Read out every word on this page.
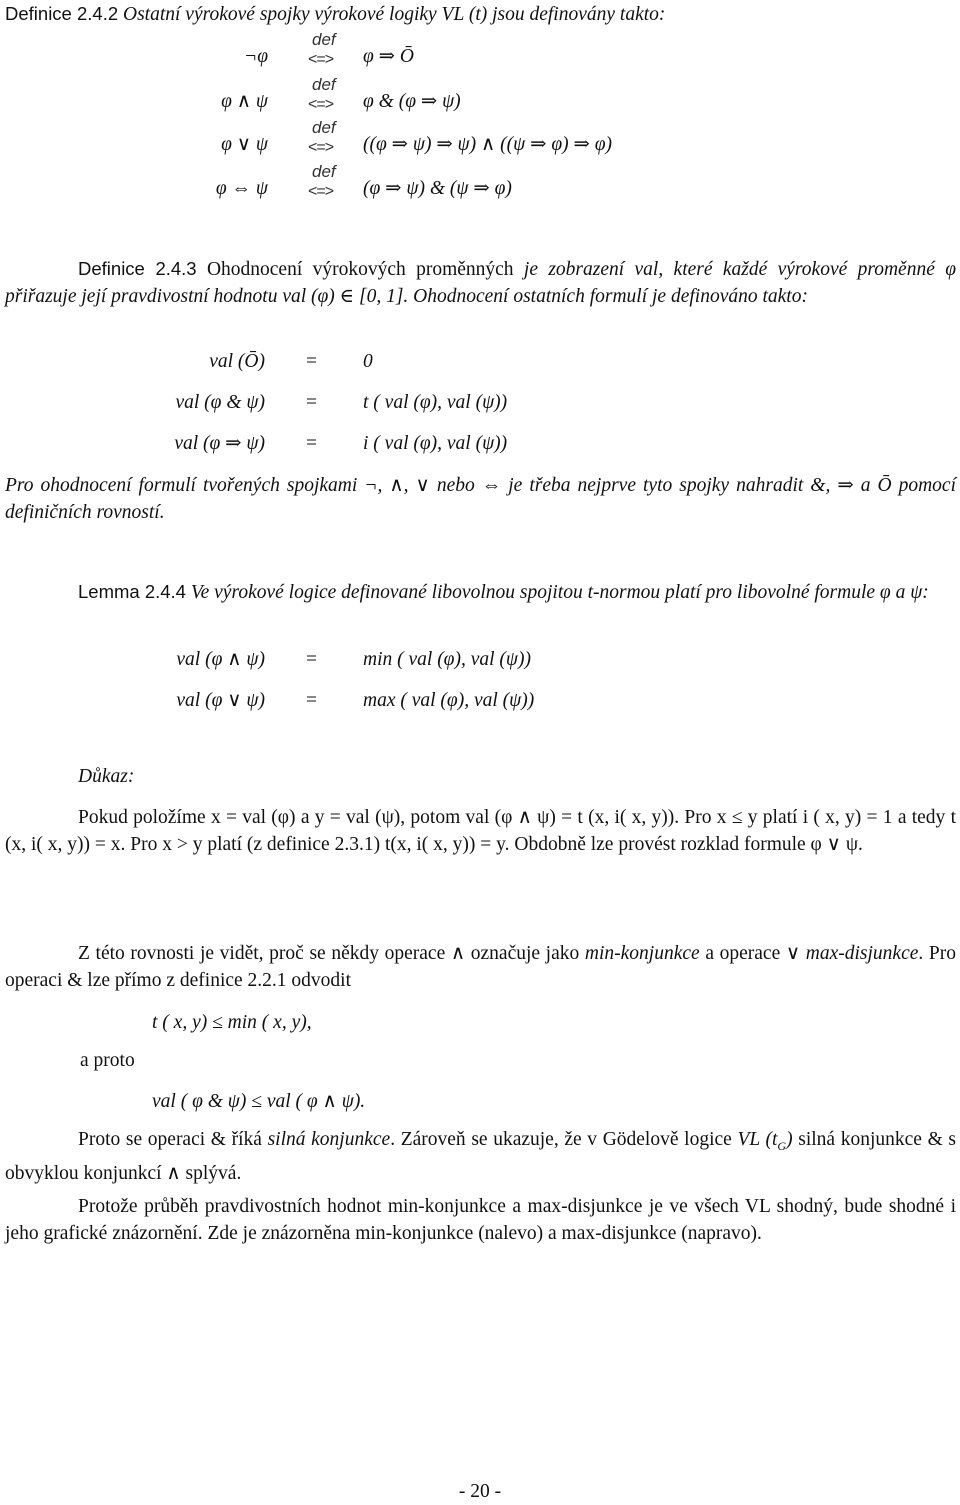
Definice 2.4.2 Ostatní výrokové spojky výrokové logiky VL (t) jsou definovány takto:
¬φ
def
<=> φ ⇒ Ō
φ ∧ ψ
def
<=> φ & (φ ⇒ ψ)
φ ∨ ψ
def
<=> ((φ ⇒ ψ) ⇒ ψ) ∧ ((ψ ⇒ φ) ⇒ φ)
φ ⇔ ψ
def
<=> (φ ⇒ ψ) & (ψ ⇒ φ)
Definice 2.4.3 Ohodnocení výrokových proměnných je zobrazení val, které každé výrokové proměnné φ přiřazuje její pravdivostní hodnotu val (φ) ∈ [0, 1]. Ohodnocení ostatních formulí je definováno takto:
val (Ō) = 0
val (φ & ψ) = t ( val (φ), val (ψ))
val (φ ⇒ ψ) = i ( val (φ), val (ψ))
Pro ohodnocení formulí tvořených spojkami ¬, ∧, ∨ nebo ⇔ je třeba nejprve tyto spojky nahradit &, ⇒ a Ō pomocí definičních rovností.
Lemma 2.4.4 Ve výrokové logice definované libovolnou spojitou t-normou platí pro libovolné formule φ a ψ:
val (φ ∧ ψ) = min ( val (φ), val (ψ))
val (φ ∨ ψ) = max ( val (φ), val (ψ))
Důkaz:
Pokud položíme x = val (φ) a y = val (ψ), potom val (φ ∧ ψ) = t (x, i( x, y)). Pro x ≤ y platí i ( x, y) = 1 a tedy t (x, i( x, y)) = x. Pro x > y platí (z definice 2.3.1) t(x, i( x, y)) = y. Obdobně lze provést rozklad formule φ ∨ ψ.
Z této rovnosti je vidět, proč se někdy operace ∧ označuje jako min-konjunkce a operace ∨ max-disjunkce. Pro operaci & lze přímo z definice 2.2.1 odvodit
t ( x, y) ≤ min ( x, y),
a proto
val ( φ & ψ) ≤ val ( φ ∧ ψ).
Proto se operaci & říká silná konjunkce. Zároveň se ukazuje, že v Gödelově logice VL $(t_G)$ silná konjunkce & s obvyklou konjunkcí ∧ splývá.
Protože průběh pravdivostních hodnot min-konjunkce a max-disjunkce je ve všech VL shodný, bude shodné i jeho grafické znázornění. Zde je znázorněna min-konjunkce (nalevo) a max-disjunkce (napravo).
- 20 -
